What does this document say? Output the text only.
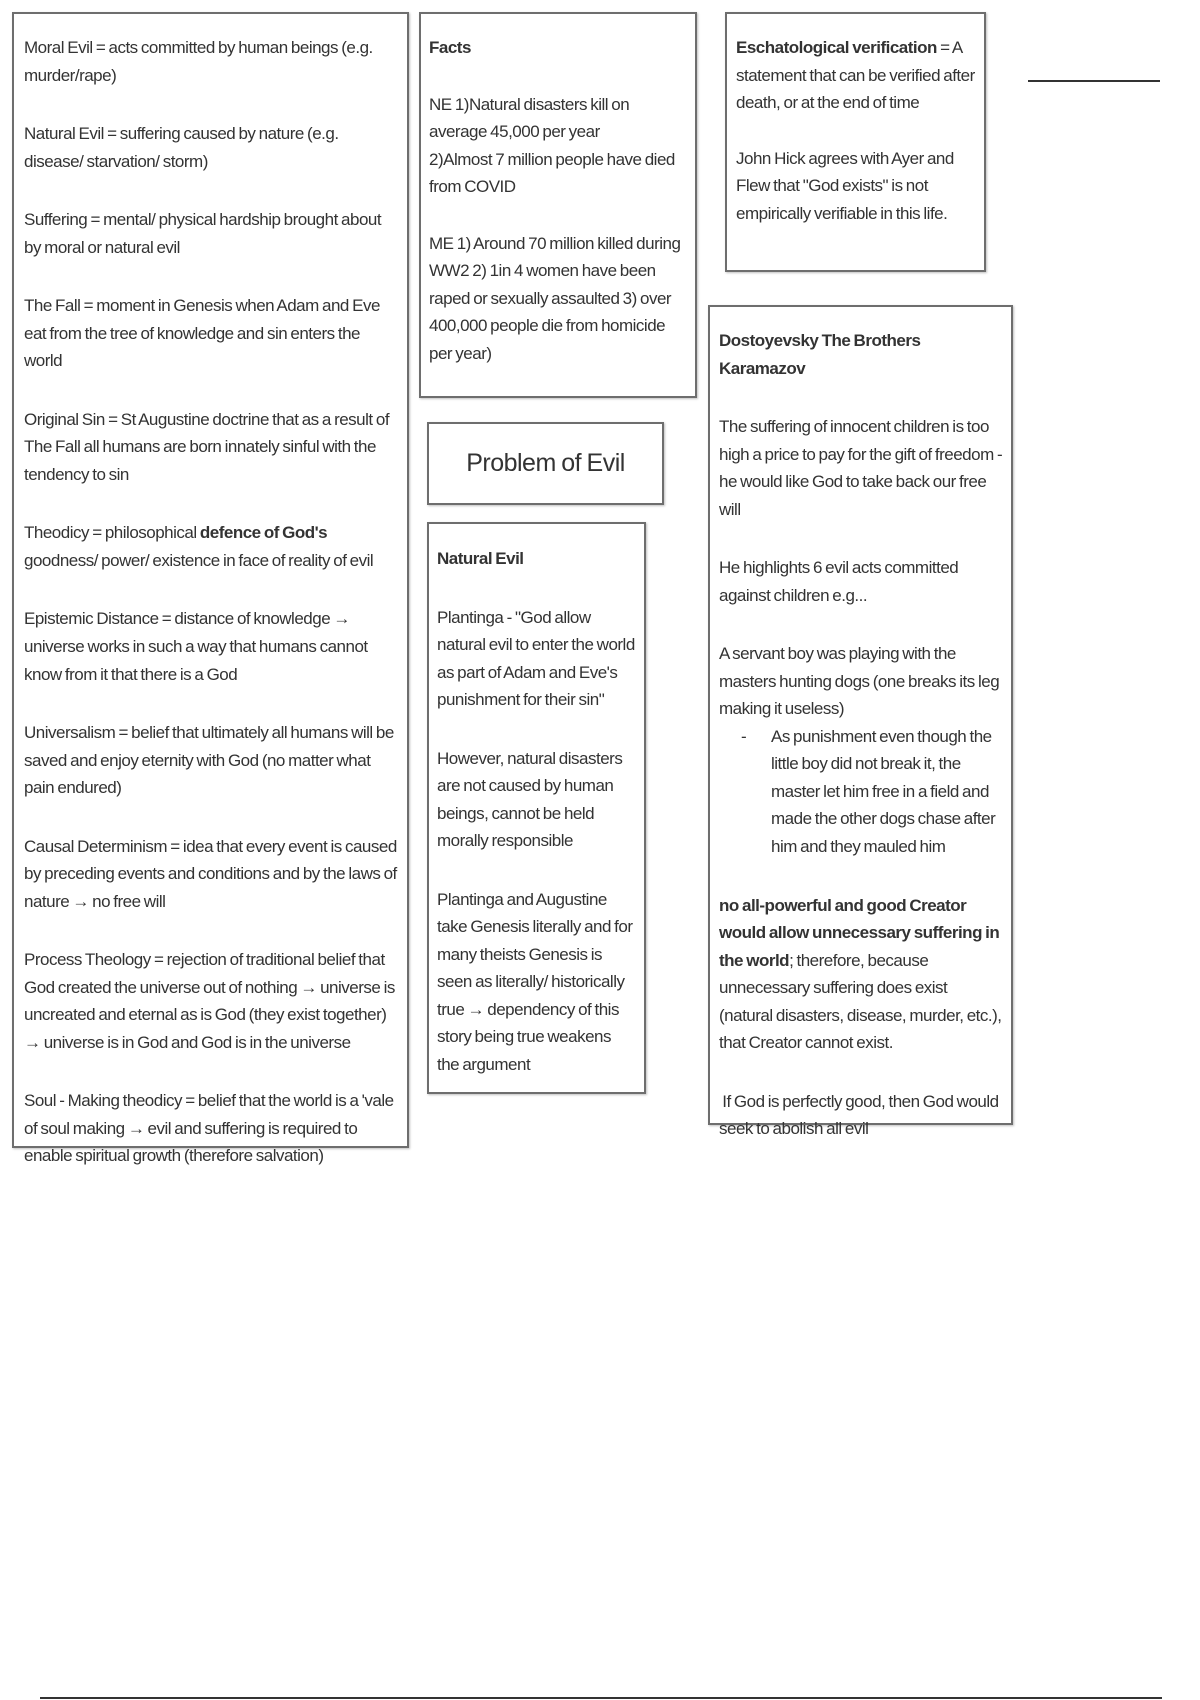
Moral Evil = acts committed by human beings (e.g. murder/rape)

Natural Evil = suffering caused by nature (e.g. disease/ starvation/ storm)

Suffering = mental/ physical hardship brought about by moral or natural evil

The Fall = moment in Genesis when Adam and Eve eat from the tree of knowledge and sin enters the world

Original Sin = St Augustine doctrine that as a result of The Fall all humans are born innately sinful with the tendency to sin

Theodicy = philosophical defence of God's goodness/ power/ existence in face of reality of evil

Epistemic Distance = distance of knowledge → universe works in such a way that humans cannot know from it that there is a God

Universalism = belief that ultimately all humans will be saved and enjoy eternity with God (no matter what pain endured)

Causal Determinism = idea that every event is caused by preceding events and conditions and by the laws of nature → no free will

Process Theology = rejection of traditional belief that God created the universe out of nothing → universe is uncreated and eternal as is God (they exist together)
→ universe is in God and God is in the universe

Soul - Making theodicy = belief that the world is a 'vale of soul making → evil and suffering is required to enable spiritual growth (therefore salvation)

Facts

NE 1)Natural disasters kill on average 45,000 per year
2)Almost 7 million people have died from COVID

ME 1) Around 70 million killed during WW2 2) 1in 4 women have been raped or sexually assaulted 3) over 400,000 people die from homicide per year)

Eschatological verification = A statement that can be verified after death, or at the end of time

John Hick agrees with Ayer and Flew that "God exists" is not empirically verifiable in this life.

Problem of Evil

Natural Evil

Plantinga - "God allow natural evil to enter the world as part of Adam and Eve's punishment for their sin"

However, natural disasters are not caused by human beings, cannot be held morally responsible

Plantinga and Augustine take Genesis literally and for many theists Genesis is seen as literally/ historically true → dependency of this story being true weakens the argument

Dostoyevsky The Brothers Karamazov

The suffering of innocent children is too high a price to pay for the gift of freedom - he would like God to take back our free will

He highlights 6 evil acts committed against children e.g...

A servant boy was playing with the masters hunting dogs (one breaks its leg making it useless)

- As punishment even though the little boy did not break it, the master let him free in a field and made the other dogs chase after him and they mauled him

no all-powerful and good Creator would allow unnecessary suffering in the world; therefore, because unnecessary suffering does exist (natural disasters, disease, murder, etc.), that Creator cannot exist.

If God is perfectly good, then God would seek to abolish all evil
